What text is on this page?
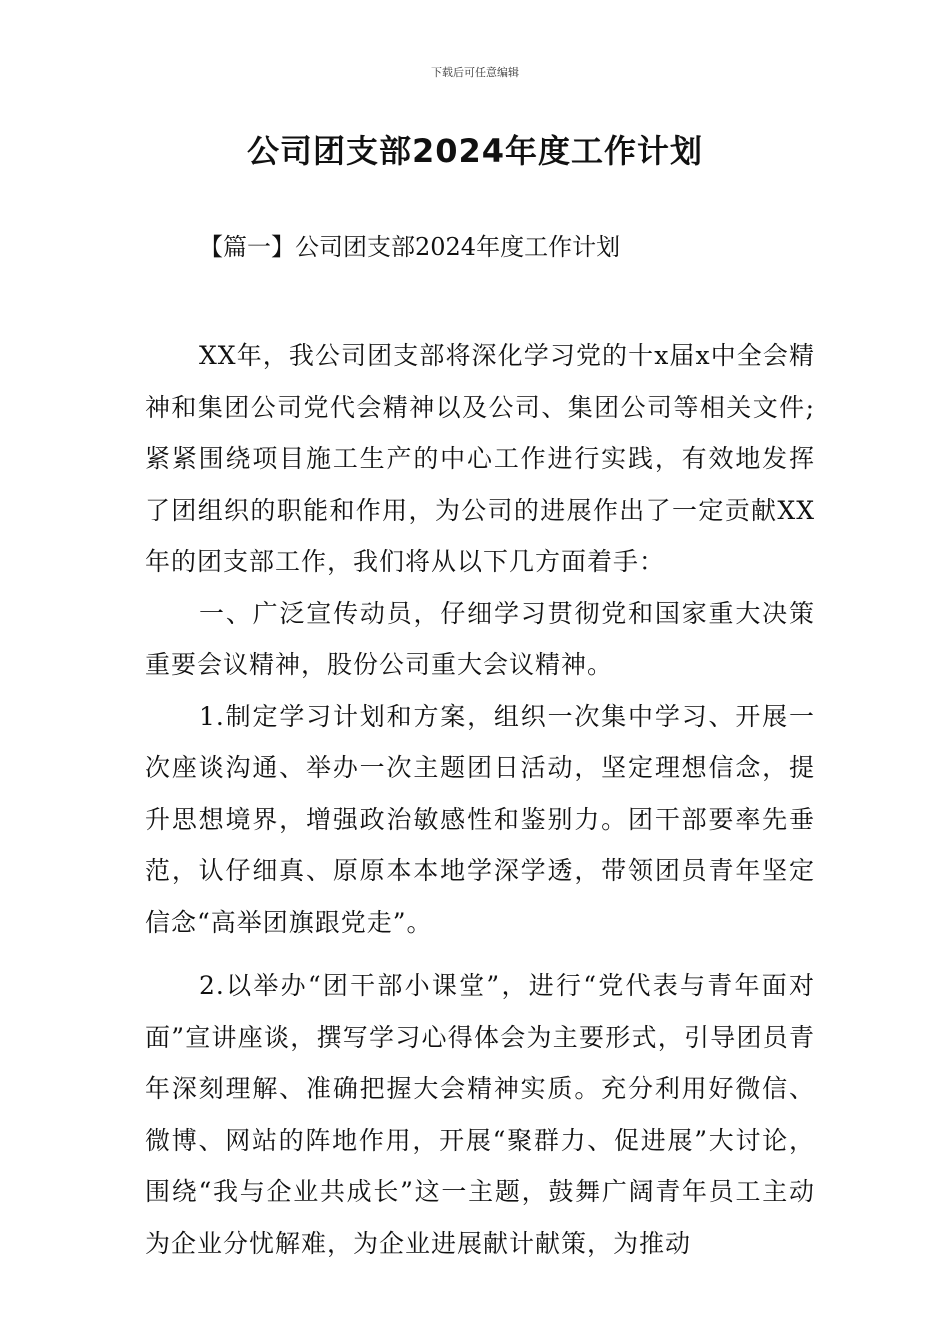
下载后可任意编辑
公司团支部2024年度工作计划
【篇一】公司团支部2024年度工作计划

XX年，我公司团支部将深化学习党的十x届x中全会精神和集团公司党代会精神以及公司、集团公司等相关文件;紧紧围绕项目施工生产的中心工作进行实践，有效地发挥了团组织的职能和作用，为公司的进展作出了一定贡献XX年的团支部工作，我们将从以下几方面着手：

一、广泛宣传动员，仔细学习贯彻党和国家重大决策重要会议精神，股份公司重大会议精神。

1.制定学习计划和方案，组织一次集中学习、开展一次座谈沟通、举办一次主题团日活动，坚定理想信念，提升思想境界，增强政治敏感性和鉴别力。团干部要率先垂范，认仔细真、原原本本地学深学透，带领团员青年坚定信念“高举团旗跟党走”。

2.以举办“团干部小课堂”，进行“党代表与青年面对面”宣讲座谈，撰写学习心得体会为主要形式，引导团员青年深刻理解、准确把握大会精神实质。充分利用好微信、微博、网站的阵地作用，开展“聚群力、促进展”大讨论，围绕“我与企业共成长”这一主题，鼓舞广阔青年员工主动为企业分忧解难，为企业进展献计献策，为推动
